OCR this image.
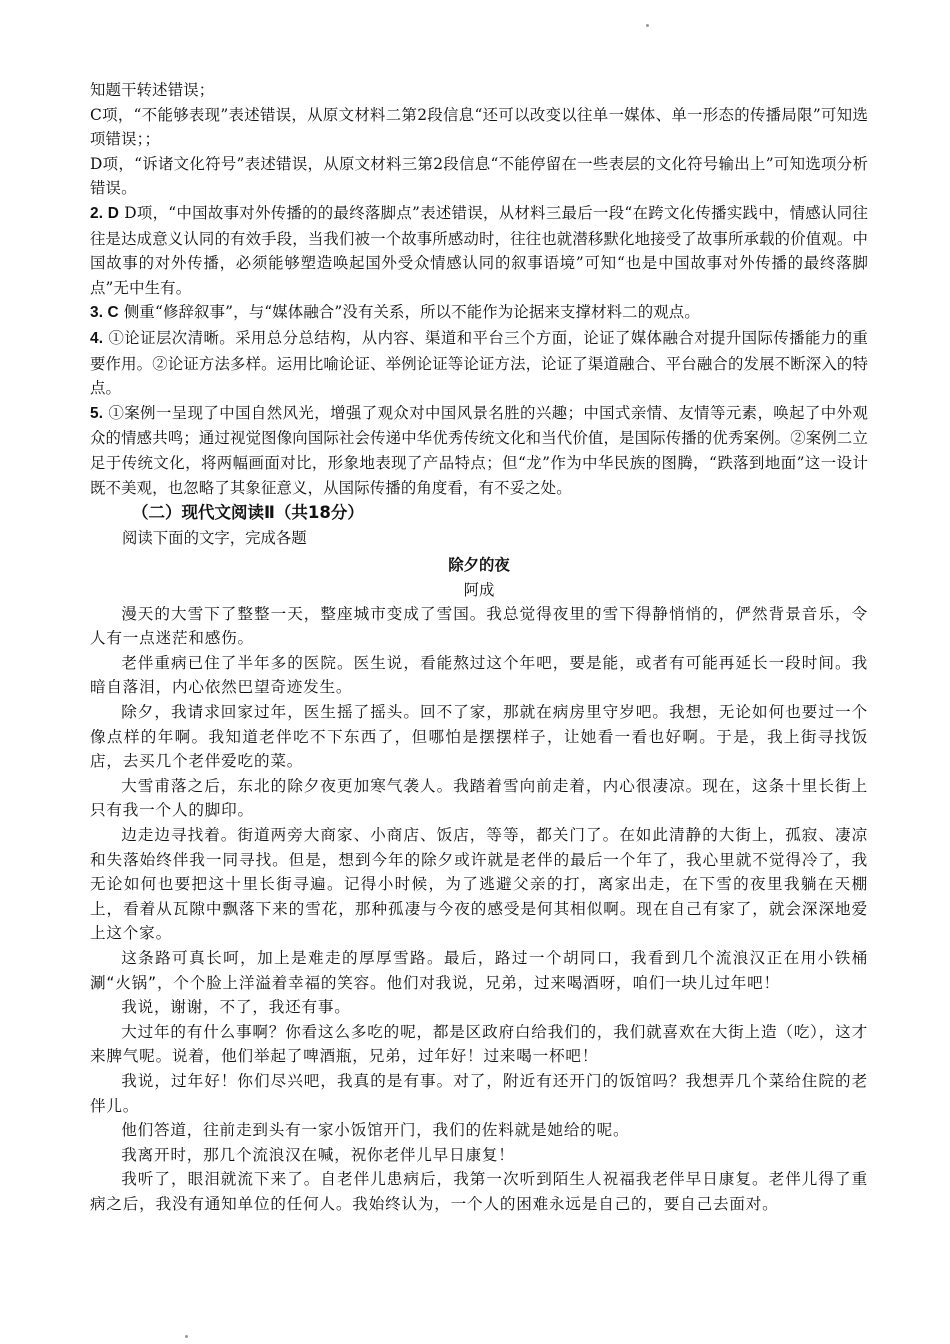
知题干转述错误；

C项，“不能够表现”表述错误，从原文材料二第2段信息“还可以改变以往单一媒体、单一形态的传播局限”可知选项错误；；

D项，“诉诸文化符号”表述错误，从原文材料三第2段信息“不能停留在一些表层的文化符号输出上”可知选项分析错误。

2. D D项，“中国故事对外传播的的最终落脚点”表述错误，从材料三最后一段“在跨文化传播实践中，情感认同往往是达成意义认同的有效手段，当我们被一个故事所感动时，往往也就潜移默化地接受了故事所承载的价值观。中国故事的对外传播，必须能够塑造唤起国外受众情感认同的叙事语境”可知“也是中国故事对外传播的最终落脚点”无中生有。

3. C 侧重“修辞叙事”，与“媒体融合”没有关系，所以不能作为论据来支撑材料二的观点。

4. ①论证层次清晰。采用总分总结构，从内容、渠道和平台三个方面，论证了媒体融合对提升国际传播能力的重要作用。②论证方法多样。运用比喻论证、举例论证等论证方法，论证了渠道融合、平台融合的发展不断深入的特点。

5. ①案例一呈现了中国自然风光，增强了观众对中国风景名胜的兴趣；中国式亲情、友情等元素，唤起了中外观众的情感共鸣；通过视觉图像向国际社会传递中华优秀传统文化和当代价值，是国际传播的优秀案例。②案例二立足于传统文化，将两幅画面对比，形象地表现了产品特点；但“龙”作为中华民族的图腾，“跌落到地面”这一设计既不美观，也忽略了其象征意义，从国际传播的角度看，有不妥之处。

（二）现代文阅读Ⅱ（共18分）

阅读下面的文字，完成各题

除夕的夜

阿成

漫天的大雪下了整整一天，整座城市变成了雪国。我总觉得夜里的雪下得静悄悄的，俨然背景音乐，令人有一点迷茫和感伤。

老伴重病已住了半年多的医院。医生说，看能熬过这个年吧，要是能，或者有可能再延长一段时间。我暗自落泪，内心依然巴望奇迹发生。

除夕，我请求回家过年，医生摇了摇头。回不了家，那就在病房里守岁吧。我想，无论如何也要过一个像点样的年啊。我知道老伴吃不下东西了，但哪怕是摆摆样子，让她看一看也好啊。于是，我上街寻找饭店，去买几个老伴爱吃的菜。

大雪甫落之后，东北的除夕夜更加寒气袭人。我踏着雪向前走着，内心很凄凉。现在，这条十里长街上只有我一个人的脚印。

边走边寻找着。街道两旁大商家、小商店、饭店，等等，都关门了。在如此清静的大街上，孤寂、凄凉和失落始终伴我一同寻找。但是，想到今年的除夕或许就是老伴的最后一个年了，我心里就不觉得冷了，我无论如何也要把这十里长街寻遍。记得小时候，为了逃避父亲的打，离家出走，在下雪的夜里我躺在天棚上，看着从瓦隙中飘落下来的雪花，那种孤凄与今夜的感受是何其相似啊。现在自己有家了，就会深深地爱上这个家。

这条路可真长呵，加上是难走的厚厚雪路。最后，路过一个胡同口，我看到几个流浪汉正在用小铁桶涮“火锅”，个个脸上洋溢着幸福的笑容。他们对我说，兄弟，过来喝酒呀，咱们一块儿过年吧！

我说，谢谢，不了，我还有事。

大过年的有什么事啊？你看这么多吃的呢，都是区政府白给我们的，我们就喜欢在大街上造（吃），这才来脾气呢。说着，他们举起了啤酒瓶，兄弟，过年好！过来喝一杯吧！

我说，过年好！你们尽兴吧，我真的是有事。对了，附近有还开门的饭馆吗？我想弄几个菜给住院的老伴儿。

他们答道，往前走到头有一家小饭馆开门，我们的佐料就是她给的呢。

我离开时，那几个流浪汉在喊，祝你老伴儿早日康复！

我听了，眼泪就流下来了。自老伴儿患病后，我第一次听到陌生人祝福我老伴早日康复。老伴儿得了重病之后，我没有通知单位的任何人。我始终认为，一个人的困难永远是自己的，要自己去面对。
